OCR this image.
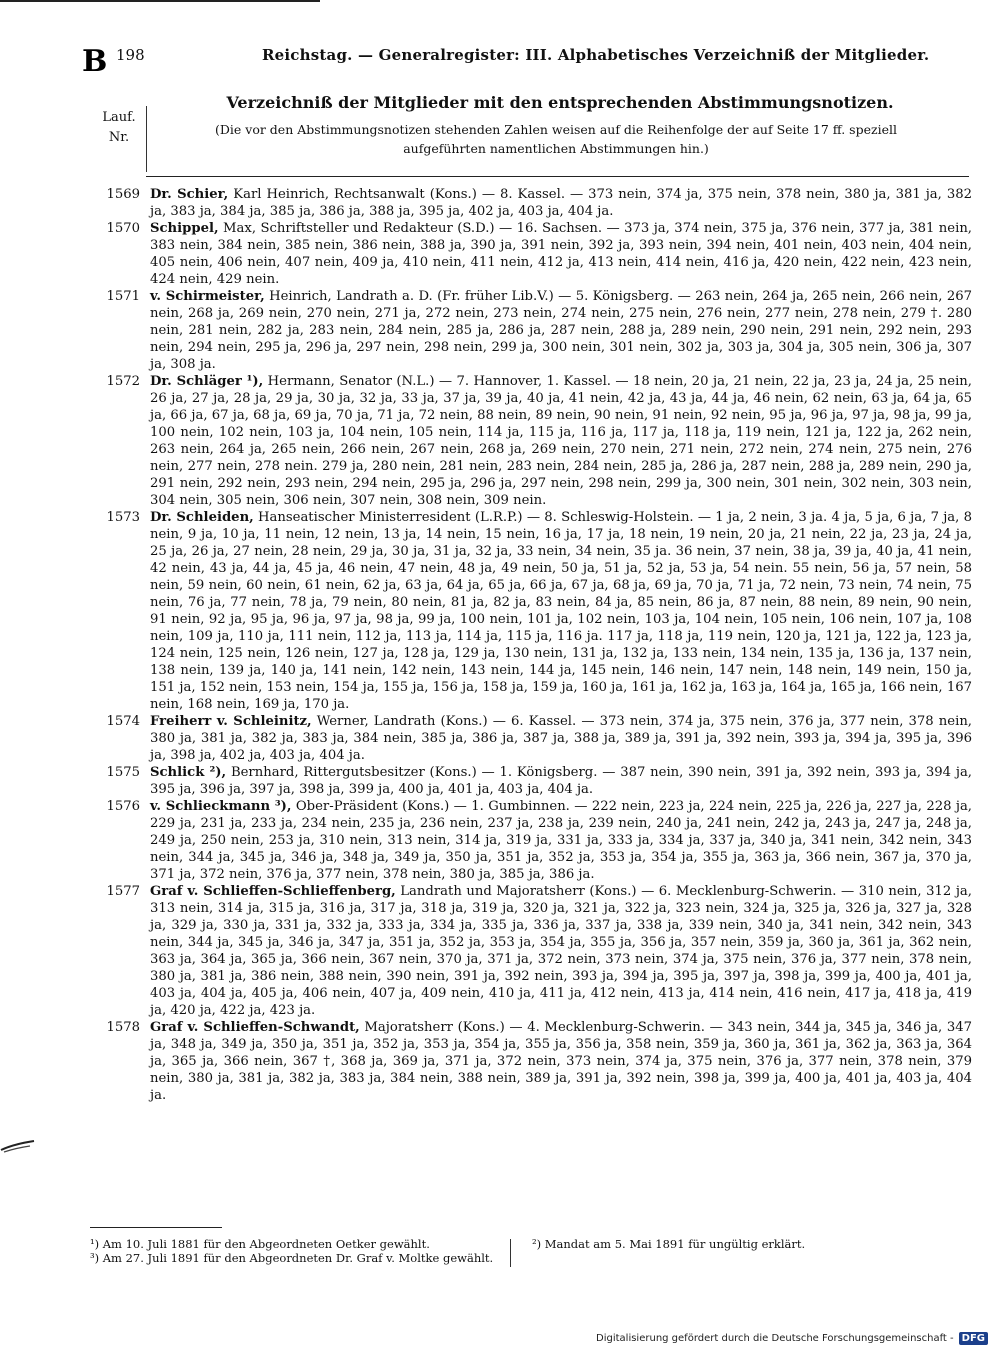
B 198	Reichstag. — Generalregister: III. Alphabetisches Verzeichniß der Mitglieder.
Lauf.
Nr.
Verzeichniß der Mitglieder mit den entsprechenden Abstimmungsnotizen.
(Die vor den Abstimmungsnotizen stehenden Zahlen weisen auf die Reihenfolge der auf Seite 17 ff. speziell aufgeführten namentlichen Abstimmungen hin.)
1569 Dr. Schier, Karl Heinrich, Rechtsanwalt (Kons.) — 8. Kassel. — 373 nein, 374 ja, 375 nein, 378 nein, 380 ja, 381 ja, 382 ja, 383 ja, 384 ja, 385 ja, 386 ja, 388 ja, 395 ja, 402 ja, 403 ja, 404 ja.
1570 Schippel, Max, Schriftsteller und Redakteur (S.D.) — 16. Sachsen. — 373 ja, 374 nein, 375 ja, 376 nein, 377 ja, 381 nein, 383 nein, 384 nein, 385 nein, 386 nein, 388 ja, 390 ja, 391 nein, 392 ja, 393 nein, 394 nein, 401 nein, 403 nein, 404 nein, 405 nein, 406 nein, 407 nein, 409 ja, 410 nein, 411 nein, 412 ja, 413 nein, 414 nein, 416 ja, 420 nein, 422 nein, 423 nein, 424 nein, 429 nein.
1571 v. Schirmeister, Heinrich, Landrath a. D. (Fr. früher Lib.V.) — 5. Königsberg. — 263 nein, 264 ja, 265 nein, 266 nein, 267 nein, 268 ja, 269 nein, 270 nein, 271 ja, 272 nein, 273 nein, 274 nein, 275 nein, 276 nein, 277 nein, 278 nein, 279 †. 280 nein, 281 nein, 282 ja, 283 nein, 284 nein, 285 ja, 286 ja, 287 nein, 288 ja, 289 nein, 290 nein, 291 nein, 292 nein, 293 nein, 294 nein, 295 ja, 296 ja, 297 nein, 298 nein, 299 ja, 300 nein, 301 nein, 302 ja, 303 ja, 304 ja, 305 nein, 306 ja, 307 ja, 308 ja.
1572 Dr. Schläger ¹), Hermann, Senator (N.L.) — 7. Hannover, 1. Kassel. — 18 nein, 20 ja, 21 nein, 22 ja, 23 ja, 24 ja, 25 nein, 26 ja, 27 ja, 28 ja, 29 ja, 30 ja, 32 ja, 33 ja, 37 ja, 39 ja, 40 ja, 41 nein, 42 ja, 43 ja, 44 ja, 46 nein, 62 nein, 63 ja, 64 ja, 65 ja, 66 ja, 67 ja, 68 ja, 69 ja, 70 ja, 71 ja, 72 nein, 88 nein, 89 nein, 90 nein, 91 nein, 92 nein, 95 ja, 96 ja, 97 ja, 98 ja, 99 ja, 100 nein, 102 nein, 103 ja, 104 nein, 105 nein, 114 ja, 115 ja, 116 ja, 117 ja, 118 ja, 119 nein, 121 ja, 122 ja, 262 nein, 263 nein, 264 ja, 265 nein, 266 nein, 267 nein, 268 ja, 269 nein, 270 nein, 271 nein, 272 nein, 274 nein, 275 nein, 276 nein, 277 nein, 278 nein. 279 ja, 280 nein, 281 nein, 283 nein, 284 nein, 285 ja, 286 ja, 287 nein, 288 ja, 289 nein, 290 ja, 291 nein, 292 nein, 293 nein, 294 nein, 295 ja, 296 ja, 297 nein, 298 nein, 299 ja, 300 nein, 301 nein, 302 nein, 303 nein, 304 nein, 305 nein, 306 nein, 307 nein, 308 nein, 309 nein.
1573 Dr. Schleiden, Hanseatischer Ministerresident (L.R.P.) — 8. Schleswig-Holstein. — 1 ja, 2 nein, 3 ja. 4 ja, 5 ja, 6 ja, 7 ja, 8 nein, 9 ja, 10 ja, 11 nein, 12 nein, 13 ja, 14 nein, 15 nein, 16 ja, 17 ja, 18 nein, 19 nein, 20 ja, 21 nein, 22 ja, 23 ja, 24 ja, 25 ja, 26 ja, 27 nein, 28 nein, 29 ja, 30 ja, 31 ja, 32 ja, 33 nein, 34 nein, 35 ja. 36 nein, 37 nein, 38 ja, 39 ja, 40 ja, 41 nein, 42 nein, 43 ja, 44 ja, 45 ja, 46 nein, 47 nein, 48 ja, 49 nein, 50 ja, 51 ja, 52 ja, 53 ja, 54 nein. 55 nein, 56 ja, 57 nein, 58 nein, 59 nein, 60 nein, 61 nein, 62 ja, 63 ja, 64 ja, 65 ja, 66 ja, 67 ja, 68 ja, 69 ja, 70 ja, 71 ja, 72 nein, 73 nein, 74 nein, 75 nein, 76 ja, 77 nein, 78 ja, 79 nein, 80 nein, 81 ja, 82 ja, 83 nein, 84 ja, 85 nein, 86 ja, 87 nein, 88 nein, 89 nein, 90 nein, 91 nein, 92 ja, 95 ja, 96 ja, 97 ja, 98 ja, 99 ja, 100 nein, 101 ja, 102 nein, 103 ja, 104 nein, 105 nein, 106 nein, 107 ja, 108 nein, 109 ja, 110 ja, 111 nein, 112 ja, 113 ja, 114 ja, 115 ja, 116 ja. 117 ja, 118 ja, 119 nein, 120 ja, 121 ja, 122 ja, 123 ja, 124 nein, 125 nein, 126 nein, 127 ja, 128 ja, 129 ja, 130 nein, 131 ja, 132 ja, 133 nein, 134 nein, 135 ja, 136 ja, 137 nein, 138 nein, 139 ja, 140 ja, 141 nein, 142 nein, 143 nein, 144 ja, 145 nein, 146 nein, 147 nein, 148 nein, 149 nein, 150 ja, 151 ja, 152 nein, 153 nein, 154 ja, 155 ja, 156 ja, 158 ja, 159 ja, 160 ja, 161 ja, 162 ja, 163 ja, 164 ja, 165 ja, 166 nein, 167 nein, 168 nein, 169 ja, 170 ja.
1574 Freiherr v. Schleinitz, Werner, Landrath (Kons.) — 6. Kassel. — 373 nein, 374 ja, 375 nein, 376 ja, 377 nein, 378 nein, 380 ja, 381 ja, 382 ja, 383 ja, 384 nein, 385 ja, 386 ja, 387 ja, 388 ja, 389 ja, 391 ja, 392 nein, 393 ja, 394 ja, 395 ja, 396 ja, 398 ja, 402 ja, 403 ja, 404 ja.
1575 Schlick ²), Bernhard, Rittergutsbesitzer (Kons.) — 1. Königsberg. — 387 nein, 390 nein, 391 ja, 392 nein, 393 ja, 394 ja, 395 ja, 396 ja, 397 ja, 398 ja, 399 ja, 400 ja, 401 ja, 403 ja, 404 ja.
1576 v. Schlieckmann ³), Ober-Präsident (Kons.) — 1. Gumbinnen. — 222 nein, 223 ja, 224 nein, 225 ja, 226 ja, 227 ja, 228 ja, 229 ja, 231 ja, 233 ja, 234 nein, 235 ja, 236 nein, 237 ja, 238 ja, 239 nein, 240 ja, 241 nein, 242 ja, 243 ja, 247 ja, 248 ja, 249 ja, 250 nein, 253 ja, 310 nein, 313 nein, 314 ja, 319 ja, 331 ja, 333 ja, 334 ja, 337 ja, 340 ja, 341 nein, 342 nein, 343 nein, 344 ja, 345 ja, 346 ja, 348 ja, 349 ja, 350 ja, 351 ja, 352 ja, 353 ja, 354 ja, 355 ja, 363 ja, 366 nein, 367 ja, 370 ja, 371 ja, 372 nein, 376 ja, 377 nein, 378 nein, 380 ja, 385 ja, 386 ja.
1577 Graf v. Schlieffen-Schlieffenberg, Landrath und Majoratsherr (Kons.) — 6. Mecklenburg-Schwerin. — 310 nein, 312 ja, 313 nein, 314 ja, 315 ja, 316 ja, 317 ja, 318 ja, 319 ja, 320 ja, 321 ja, 322 ja, 323 nein, 324 ja, 325 ja, 326 ja, 327 ja, 328 ja, 329 ja, 330 ja, 331 ja, 332 ja, 333 ja, 334 ja, 335 ja, 336 ja, 337 ja, 338 ja, 339 nein, 340 ja, 341 nein, 342 nein, 343 nein, 344 ja, 345 ja, 346 ja, 347 ja, 351 ja, 352 ja, 353 ja, 354 ja, 355 ja, 356 ja, 357 nein, 359 ja, 360 ja, 361 ja, 362 nein, 363 ja, 364 ja, 365 ja, 366 nein, 367 nein, 370 ja, 371 ja, 372 nein, 373 nein, 374 ja, 375 nein, 376 ja, 377 nein, 378 nein, 380 ja, 381 ja, 386 nein, 388 nein, 390 nein, 391 ja, 392 nein, 393 ja, 394 ja, 395 ja, 397 ja, 398 ja, 399 ja, 400 ja, 401 ja, 403 ja, 404 ja, 405 ja, 406 nein, 407 ja, 409 nein, 410 ja, 411 ja, 412 nein, 413 ja, 414 nein, 416 nein, 417 ja, 418 ja, 419 ja, 420 ja, 422 ja, 423 ja.
1578 Graf v. Schlieffen-Schwandt, Majoratsherr (Kons.) — 4. Mecklenburg-Schwerin. — 343 nein, 344 ja, 345 ja, 346 ja, 347 ja, 348 ja, 349 ja, 350 ja, 351 ja, 352 ja, 353 ja, 354 ja, 355 ja, 356 ja, 358 nein, 359 ja, 360 ja, 361 ja, 362 ja, 363 ja, 364 ja, 365 ja, 366 nein, 367 †, 368 ja, 369 ja, 371 ja, 372 nein, 373 nein, 374 ja, 375 nein, 376 ja, 377 nein, 378 nein, 379 nein, 380 ja, 381 ja, 382 ja, 383 ja, 384 nein, 388 nein, 389 ja, 391 ja, 392 nein, 398 ja, 399 ja, 400 ja, 401 ja, 403 ja, 404 ja.
¹) Am 10. Juli 1881 für den Abgeordneten Oetker gewählt.
³) Am 27. Juli 1891 für den Abgeordneten Dr. Graf v. Moltke gewählt.
²) Mandat am 5. Mai 1891 für ungültig erklärt.
Digitalisierung gefördert durch die Deutsche Forschungsgemeinschaft - DFG
